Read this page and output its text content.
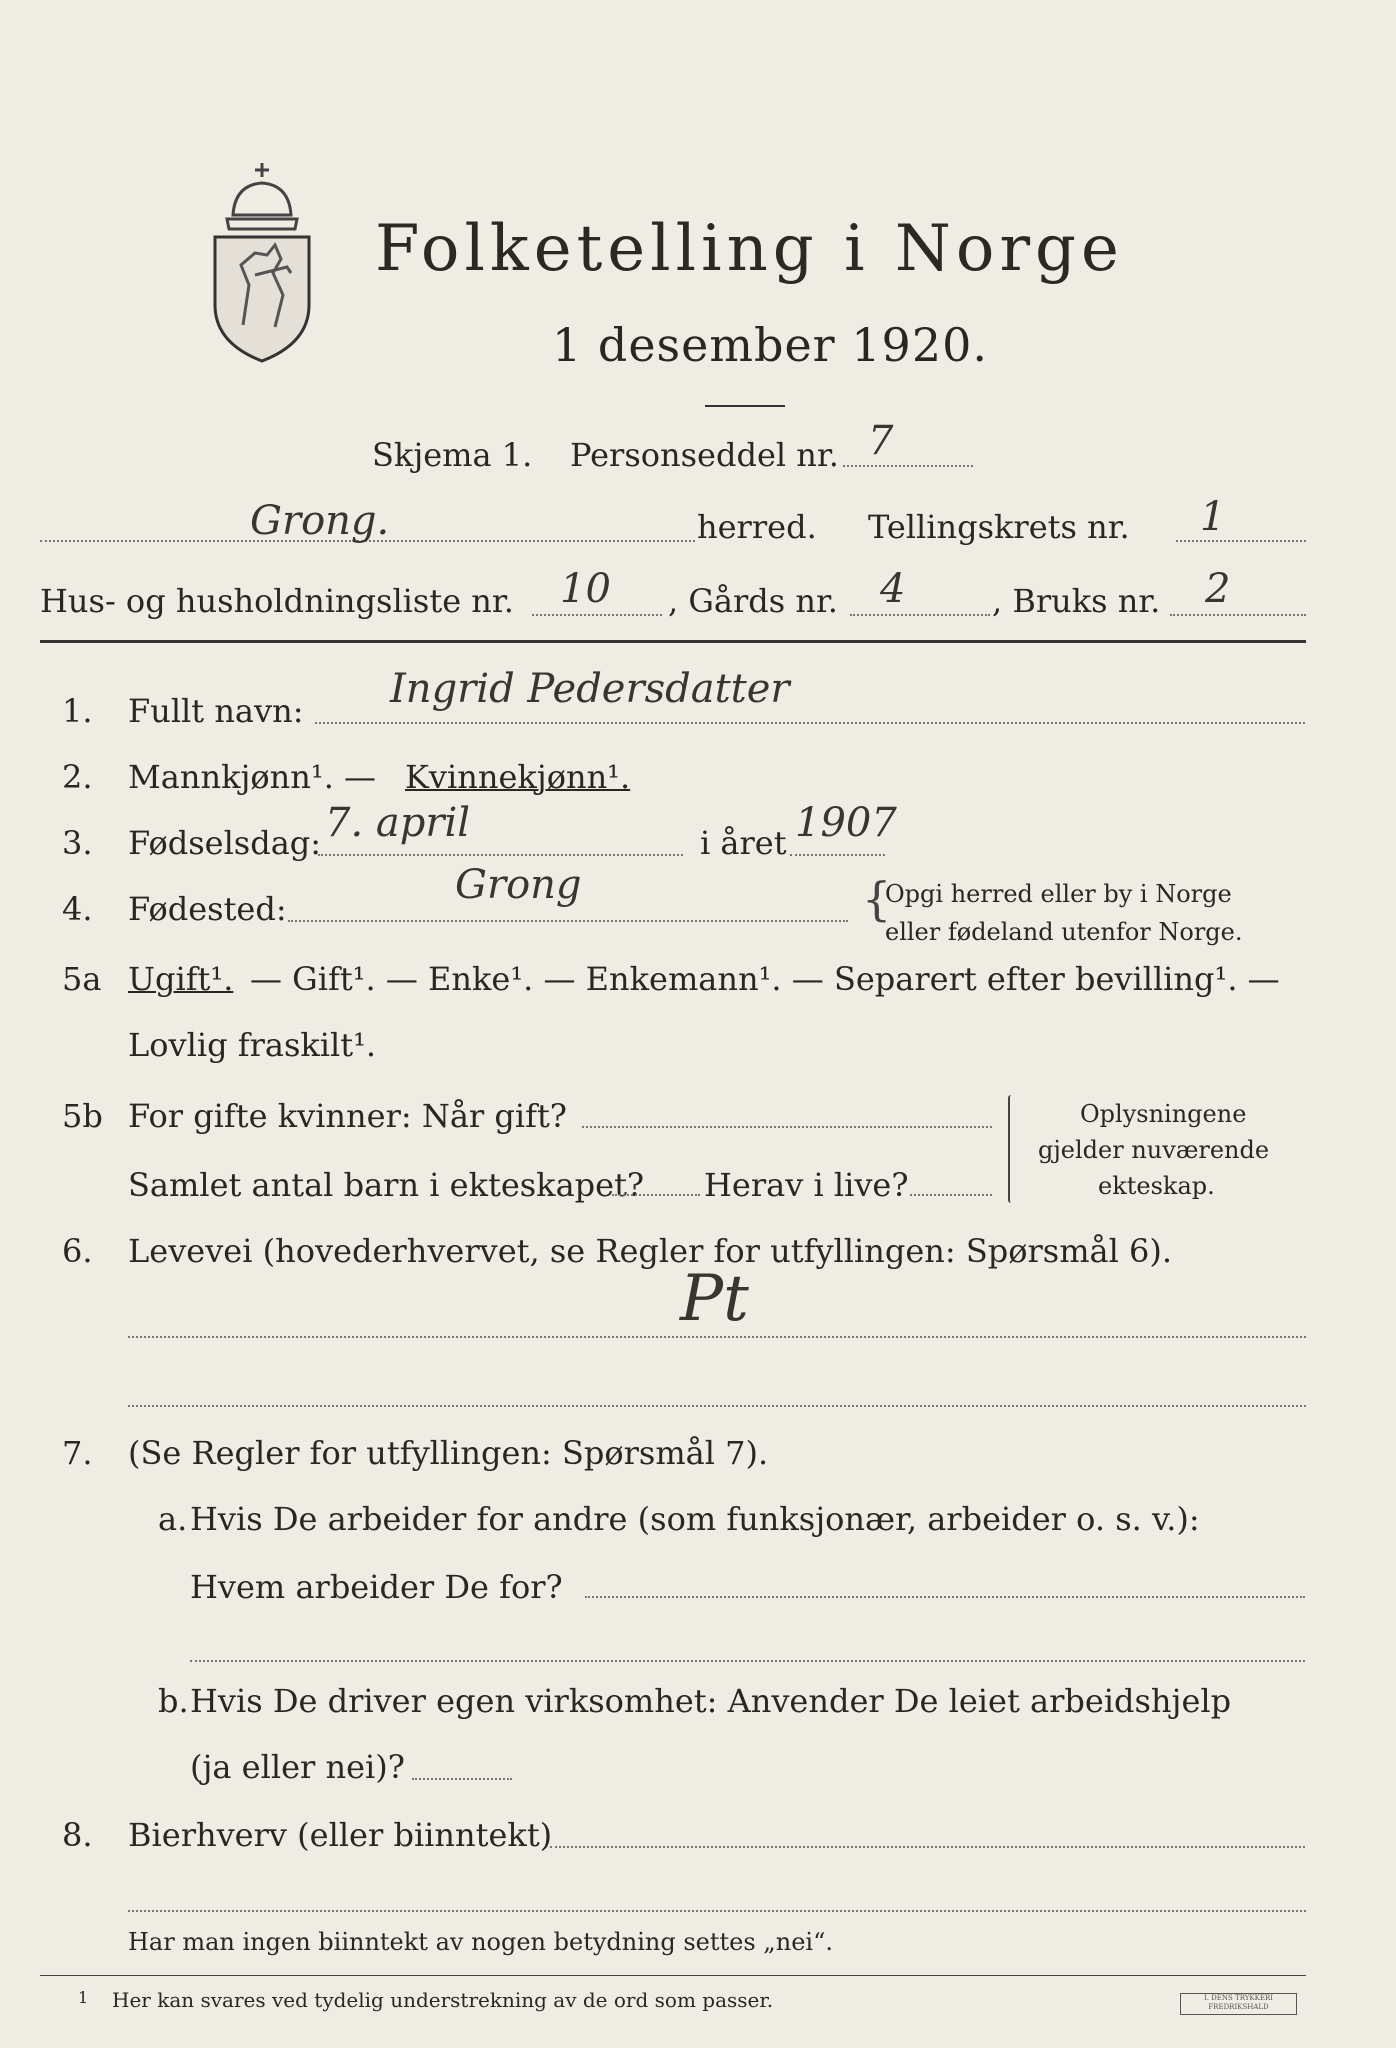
Folketelling i Norge
1 desember 1920.
Skjema 1. Personseddel nr. 7
Grong.	herred. Tellingskrets nr. 1
Hus- og husholdningsliste nr. 10 , Gårds nr. 4	, Bruks nr. 2
1. Fullt navn: Ingrid Pedersdatter
2. Mannkjønn¹. — Kvinnekjønn¹.
3. Fødselsdag: 7. april	i året 1907
4. Fødested:
Grong	{
Opgi herred eller by i Norge
eller fødeland utenfor Norge.
5a Ugift¹. — Gift¹. — Enke¹. — Enkemann¹. — Separert efter bevilling¹. —
Lovlig fraskilt¹.
5b For gifte kvinner: Når gift?
Samlet antal barn i ekteskapet? Herav i live?
Oplysningene
gjelder nuværende
ekteskap.
6. Levevei (hovederhvervet, se Regler for utfyllingen: Spørsmål 6).
Pt
7. (Se Regler for utfyllingen: Spørsmål 7).
a. Hvis De arbeider for andre (som funksjonær, arbeider o. s. v.):
Hvem arbeider De for?
b. Hvis De driver egen virksomhet: Anvender De leiet arbeidshjelp
(ja eller nei)?
8. Bierhverv (eller biinntekt)
Har man ingen biinntekt av nogen betydning settes „nei“.
1 Her kan svares ved tydelig understrekning av de ord som passer.	I. DENS TRYKKERI FREDRIKSHALD
